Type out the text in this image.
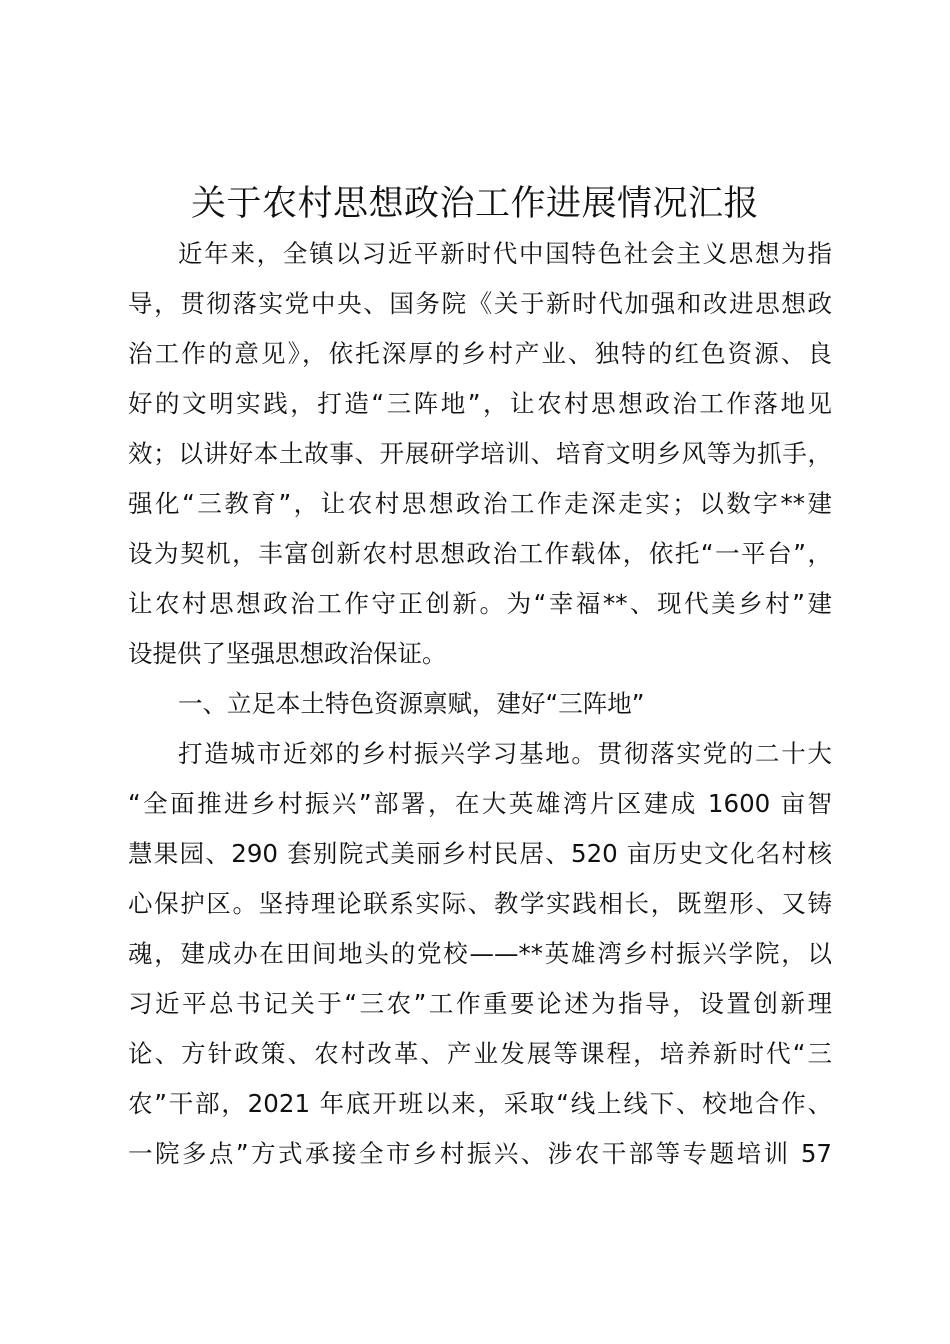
关于农村思想政治工作进展情况汇报
近年来，全镇以习近平新时代中国特色社会主义思想为指
导，贯彻落实党中央、国务院《关于新时代加强和改进思想政
治工作的意见》，依托深厚的乡村产业、独特的红色资源、良
好的文明实践，打造“三阵地”，让农村思想政治工作落地见
效；以讲好本土故事、开展研学培训、培育文明乡风等为抓手，
强化“三教育”，让农村思想政治工作走深走实；以数字**建
设为契机，丰富创新农村思想政治工作载体，依托“一平台”，
让农村思想政治工作守正创新。为“幸福**、现代美乡村”建
设提供了坚强思想政治保证。
一、立足本土特色资源禀赋，建好“三阵地”
打造城市近郊的乡村振兴学习基地。贯彻落实党的二十大
“全面推进乡村振兴”部署，在大英雄湾片区建成 1600 亩智
慧果园、290 套别院式美丽乡村民居、520 亩历史文化名村核
心保护区。坚持理论联系实际、教学实践相长，既塑形、又铸
魂，建成办在田间地头的党校——**英雄湾乡村振兴学院，以
习近平总书记关于“三农”工作重要论述为指导，设置创新理
论、方针政策、农村改革、产业发展等课程，培养新时代“三
农”干部，2021 年底开班以来，采取“线上线下、校地合作、
一院多点”方式承接全市乡村振兴、涉农干部等专题培训 57
